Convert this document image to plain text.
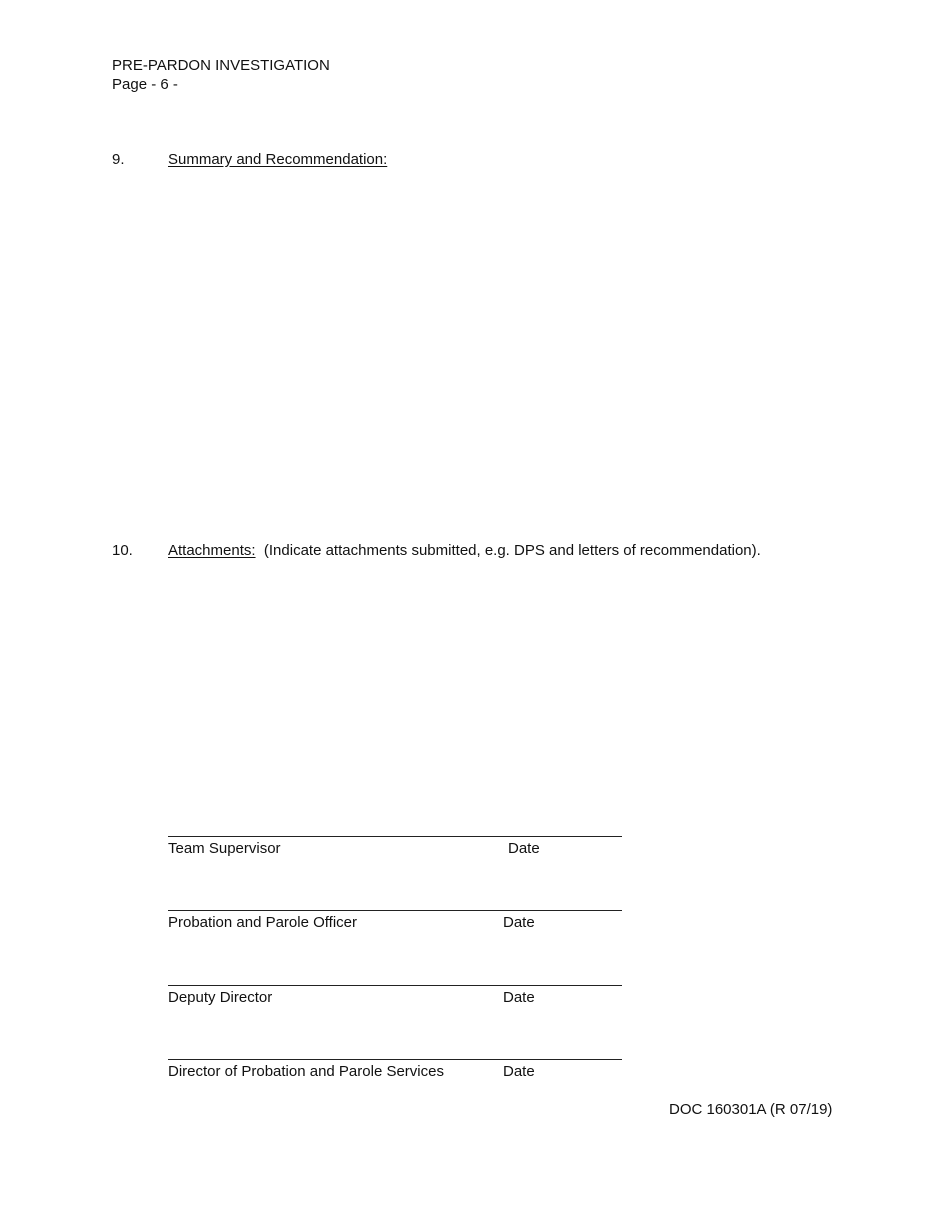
PRE-PARDON INVESTIGATION
Page - 6 -
9.	Summary and Recommendation:
10. Attachments: (Indicate attachments submitted, e.g. DPS and letters of recommendation).
Team Supervisor	Date
Probation and Parole Officer	Date
Deputy Director	Date
Director of Probation and Parole Services	Date
DOC 160301A (R 07/19)
